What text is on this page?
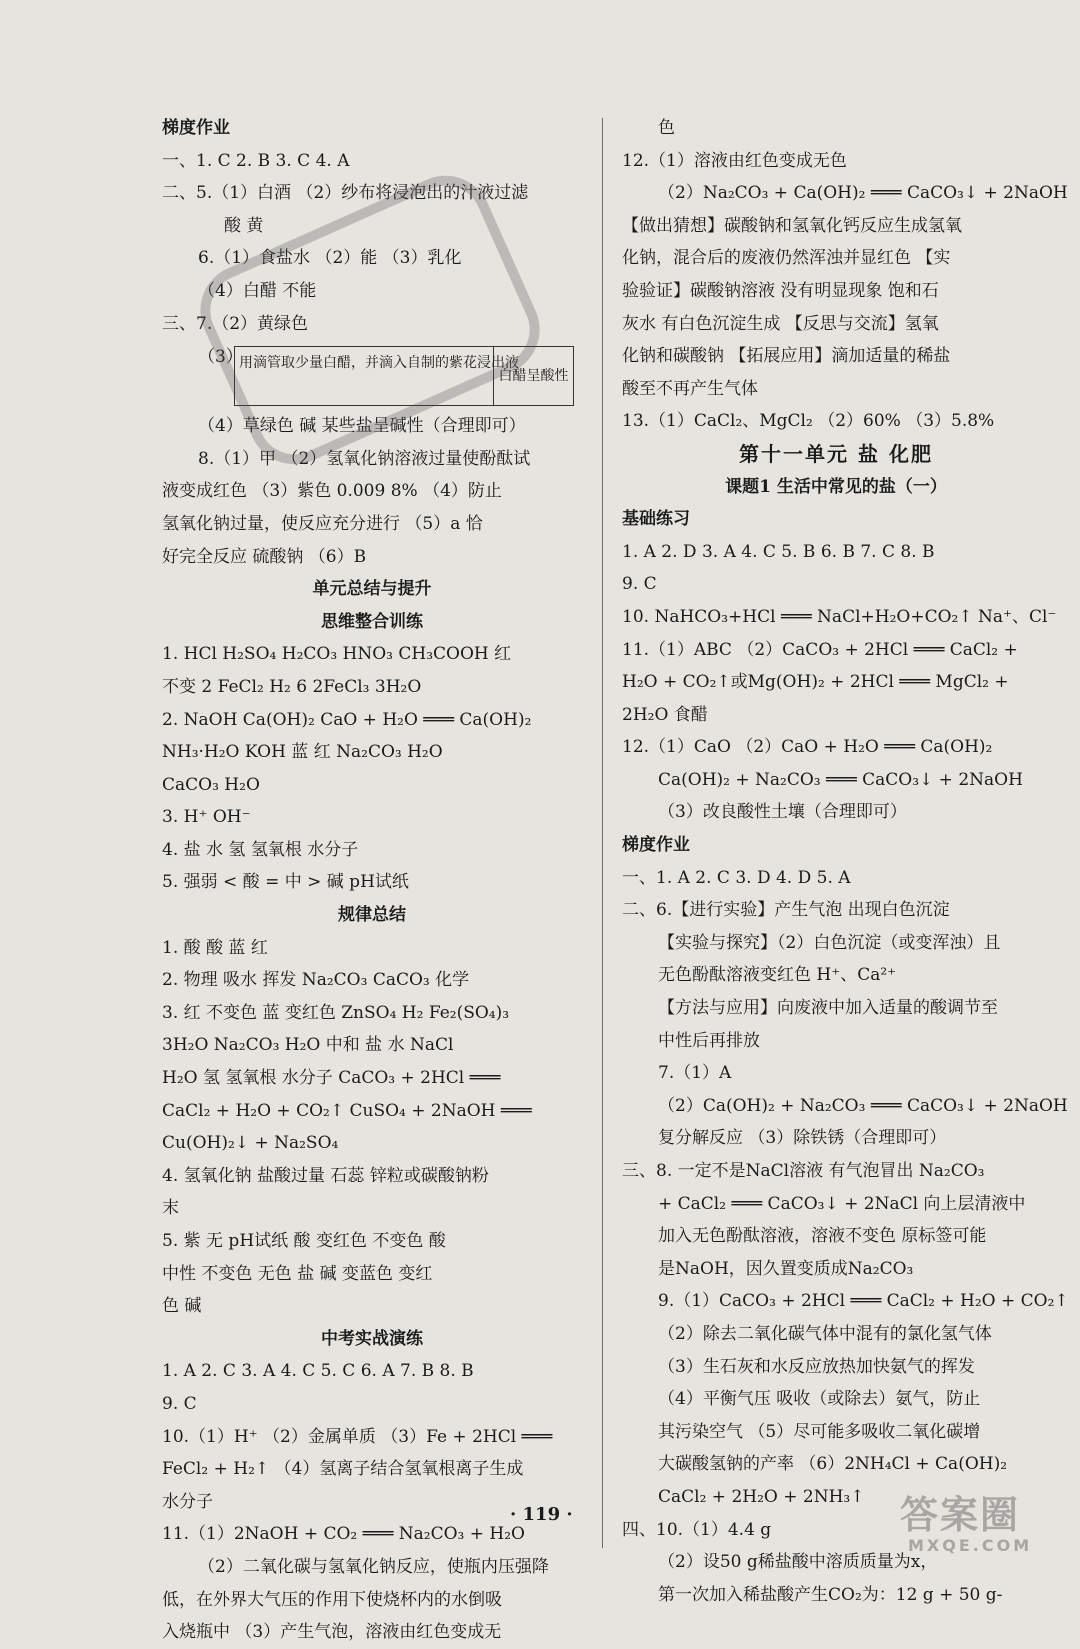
梯度作业
一、1. C 2. B 3. C 4. A
二、5.（1）白酒 （2）纱布将浸泡出的汁液过滤
酸 黄
6.（1）食盐水 （2）能 （3）乳化
（4）白醋 不能
三、7.（2）黄绿色
（3）
用滴管取少量白醋，并滴入自制的紫花浸出液
白醋呈酸性
（4）草绿色 碱 某些盐呈碱性（合理即可）
8.（1）甲 （2）氢氧化钠溶液过量使酚酞试
液变成红色 （3）紫色 0.009 8% （4）防止
氢氧化钠过量，使反应充分进行 （5）a 恰
好完全反应 硫酸钠 （6）B
单元总结与提升
思维整合训练
1. HCl H₂SO₄ H₂CO₃ HNO₃ CH₃COOH 红
不变 2 FeCl₂ H₂ 6 2FeCl₃ 3H₂O
2. NaOH Ca(OH)₂ CaO + H₂O ═══ Ca(OH)₂
NH₃·H₂O KOH 蓝 红 Na₂CO₃ H₂O
CaCO₃ H₂O
3. H⁺ OH⁻
4. 盐 水 氢 氢氧根 水分子
5. 强弱 < 酸 = 中 > 碱 pH试纸
规律总结
1. 酸 酸 蓝 红
2. 物理 吸水 挥发 Na₂CO₃ CaCO₃ 化学
3. 红 不变色 蓝 变红色 ZnSO₄ H₂ Fe₂(SO₄)₃
3H₂O Na₂CO₃ H₂O 中和 盐 水 NaCl
H₂O 氢 氢氧根 水分子 CaCO₃ + 2HCl ═══
CaCl₂ + H₂O + CO₂↑ CuSO₄ + 2NaOH ═══
Cu(OH)₂↓ + Na₂SO₄
4. 氢氧化钠 盐酸过量 石蕊 锌粒或碳酸钠粉
末
5. 紫 无 pH试纸 酸 变红色 不变色 酸
中性 不变色 无色 盐 碱 变蓝色 变红
色 碱
中考实战演练
1. A 2. C 3. A 4. C 5. C 6. A 7. B 8. B
9. C
10.（1）H⁺ （2）金属单质 （3）Fe + 2HCl ═══
FeCl₂ + H₂↑ （4）氢离子结合氢氧根离子生成
水分子
11.（1）2NaOH + CO₂ ═══ Na₂CO₃ + H₂O
（2）二氧化碳与氢氧化钠反应，使瓶内压强降
低，在外界大气压的作用下使烧杯内的水倒吸
入烧瓶中 （3）产生气泡，溶液由红色变成无
色
12.（1）溶液由红色变成无色
（2）Na₂CO₃ + Ca(OH)₂ ═══ CaCO₃↓ + 2NaOH
【做出猜想】碳酸钠和氢氧化钙反应生成氢氧
化钠，混合后的废液仍然浑浊并显红色 【实
验验证】碳酸钠溶液 没有明显现象 饱和石
灰水 有白色沉淀生成 【反思与交流】氢氧
化钠和碳酸钠 【拓展应用】滴加适量的稀盐
酸至不再产生气体
13.（1）CaCl₂、MgCl₂ （2）60% （3）5.8%
第十一单元 盐 化肥
课题1 生活中常见的盐（一）
基础练习
1. A 2. D 3. A 4. C 5. B 6. B 7. C 8. B
9. C
10. NaHCO₃+HCl ═══ NaCl+H₂O+CO₂↑ Na⁺、Cl⁻
11.（1）ABC （2）CaCO₃ + 2HCl ═══ CaCl₂ +
H₂O + CO₂↑或Mg(OH)₂ + 2HCl ═══ MgCl₂ +
2H₂O 食醋
12.（1）CaO （2）CaO + H₂O ═══ Ca(OH)₂
Ca(OH)₂ + Na₂CO₃ ═══ CaCO₃↓ + 2NaOH
（3）改良酸性土壤（合理即可）
梯度作业
一、1. A 2. C 3. D 4. D 5. A
二、6.【进行实验】产生气泡 出现白色沉淀
【实验与探究】（2）白色沉淀（或变浑浊）且
无色酚酞溶液变红色 H⁺、Ca²⁺
【方法与应用】向废液中加入适量的酸调节至
中性后再排放
7.（1）A
（2）Ca(OH)₂ + Na₂CO₃ ═══ CaCO₃↓ + 2NaOH
复分解反应 （3）除铁锈（合理即可）
三、8. 一定不是NaCl溶液 有气泡冒出 Na₂CO₃
+ CaCl₂ ═══ CaCO₃↓ + 2NaCl 向上层清液中
加入无色酚酞溶液，溶液不变色 原标签可能
是NaOH，因久置变质成Na₂CO₃
9.（1）CaCO₃ + 2HCl ═══ CaCl₂ + H₂O + CO₂↑
（2）除去二氧化碳气体中混有的氯化氢气体
（3）生石灰和水反应放热加快氨气的挥发
（4）平衡气压 吸收（或除去）氨气，防止
其污染空气 （5）尽可能多吸收二氧化碳增
大碳酸氢钠的产率 （6）2NH₄Cl + Ca(OH)₂
CaCl₂ + 2H₂O + 2NH₃↑
四、10.（1）4.4 g
（2）设50 g稀盐酸中溶质质量为x，
第一次加入稀盐酸产生CO₂为：12 g + 50 g-
· 119 ·	答案圈
MXQE.COM
